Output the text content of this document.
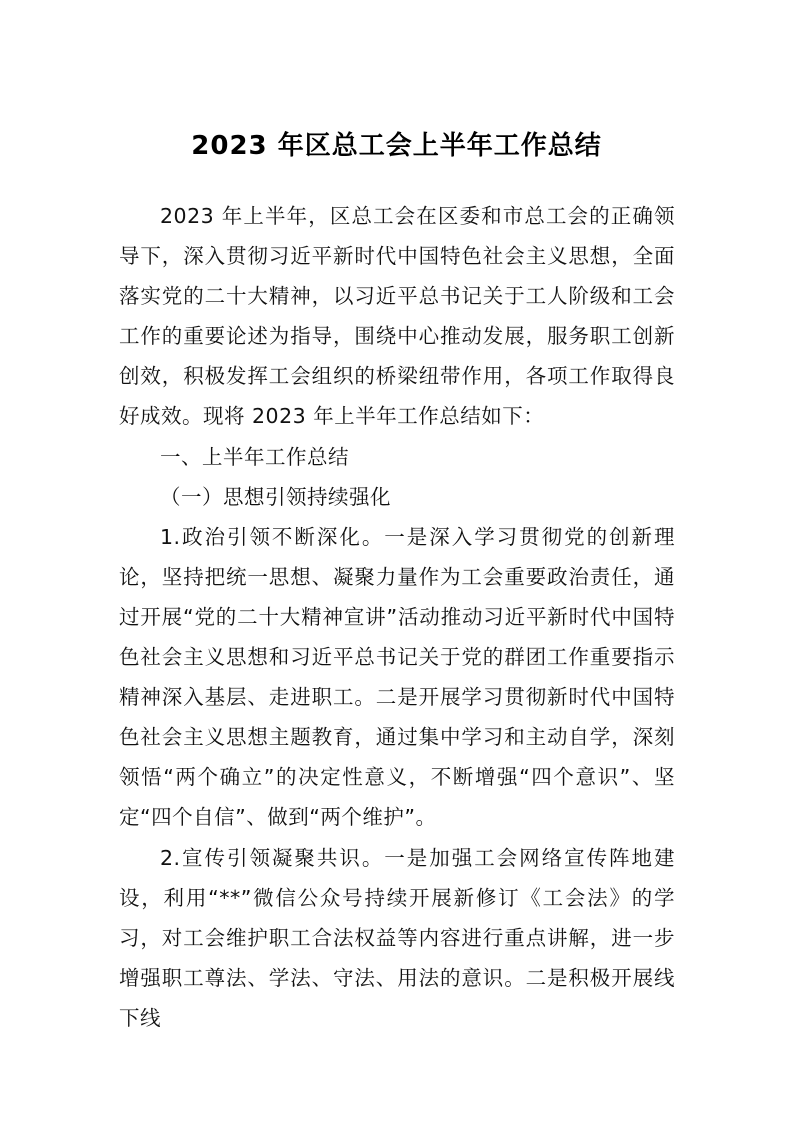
2023 年区总工会上半年工作总结

2023 年上半年，区总工会在区委和市总工会的正确领导下，深入贯彻习近平新时代中国特色社会主义思想，全面落实党的二十大精神，以习近平总书记关于工人阶级和工会工作的重要论述为指导，围绕中心推动发展，服务职工创新创效，积极发挥工会组织的桥梁纽带作用，各项工作取得良好成效。现将 2023 年上半年工作总结如下：

一、上半年工作总结

（一）思想引领持续强化

1.政治引领不断深化。一是深入学习贯彻党的创新理论，坚持把统一思想、凝聚力量作为工会重要政治责任，通过开展“党的二十大精神宣讲”活动推动习近平新时代中国特色社会主义思想和习近平总书记关于党的群团工作重要指示精神深入基层、走进职工。二是开展学习贯彻新时代中国特色社会主义思想主题教育，通过集中学习和主动自学，深刻领悟“两个确立”的决定性意义，不断增强“四个意识”、坚定“四个自信”、做到“两个维护”。

2.宣传引领凝聚共识。一是加强工会网络宣传阵地建设，利用“**”微信公众号持续开展新修订《工会法》的学习，对工会维护职工合法权益等内容进行重点讲解，进一步增强职工尊法、学法、守法、用法的意识。二是积极开展线下线
